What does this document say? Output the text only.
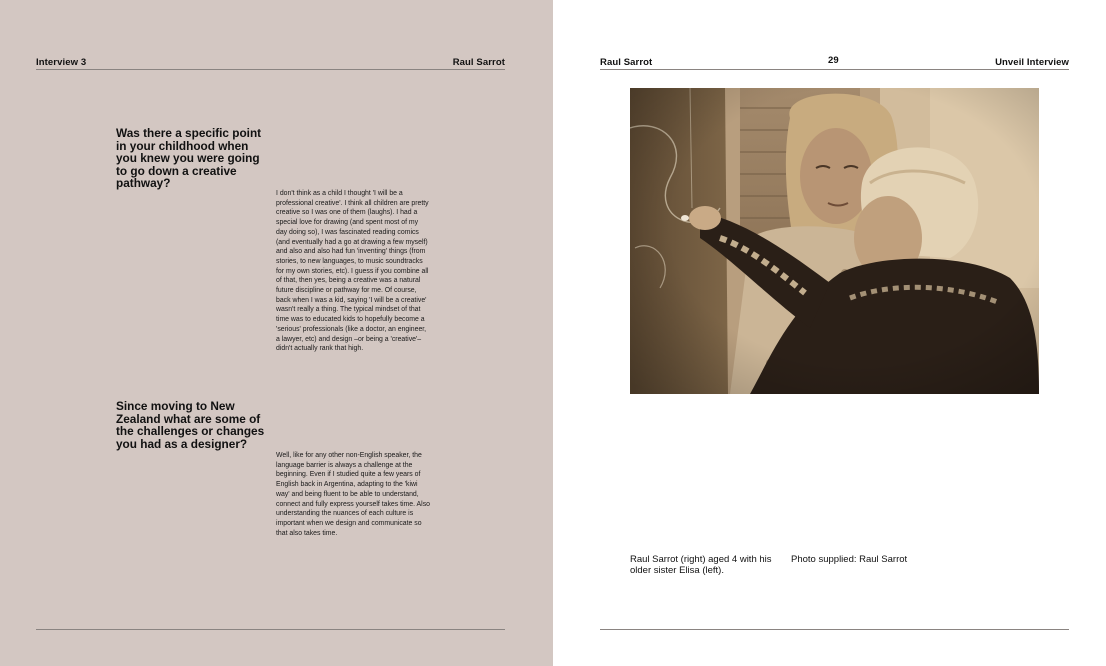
Interview 3	Raul Sarrot
Was there a specific point in your childhood when you knew you were going to go down a creative pathway?

I don't think as a child I thought 'I will be a professional creative'. I think all children are pretty creative so I was one of them (laughs). I had a special love for drawing (and spent most of my day doing so), I was fascinated reading comics (and eventually had a go at drawing a few myself) and also and also had fun 'inventing' things (from stories, to new languages, to music soundtracks for my own stories, etc). I guess if you combine all of that, then yes, being a creative was a natural future discipline or pathway for me. Of course, back when I was a kid, saying 'I will be a creative' wasn't really a thing. The typical mindset of that time was to educated kids to hopefully become a 'serious' professionals (like a doctor, an engineer, a lawyer, etc) and design –or being a 'creative'– didn't actually rank that high.

Since moving to New Zealand what are some of the challenges or changes you had as a designer?

Well, like for any other non-English speaker, the language barrier is always a challenge at the beginning. Even if I studied quite a few years of English back in Argentina, adapting to the 'kiwi way' and being fluent to be able to understand, connect and fully express yourself takes time. Also understanding the nuances of each culture is important when we design and communicate so that also takes time.

Raul Sarrot	29	Unveil Interview

Raul Sarrot (right) aged 4 with his older sister Elisa (left).

Photo supplied: Raul Sarrot
